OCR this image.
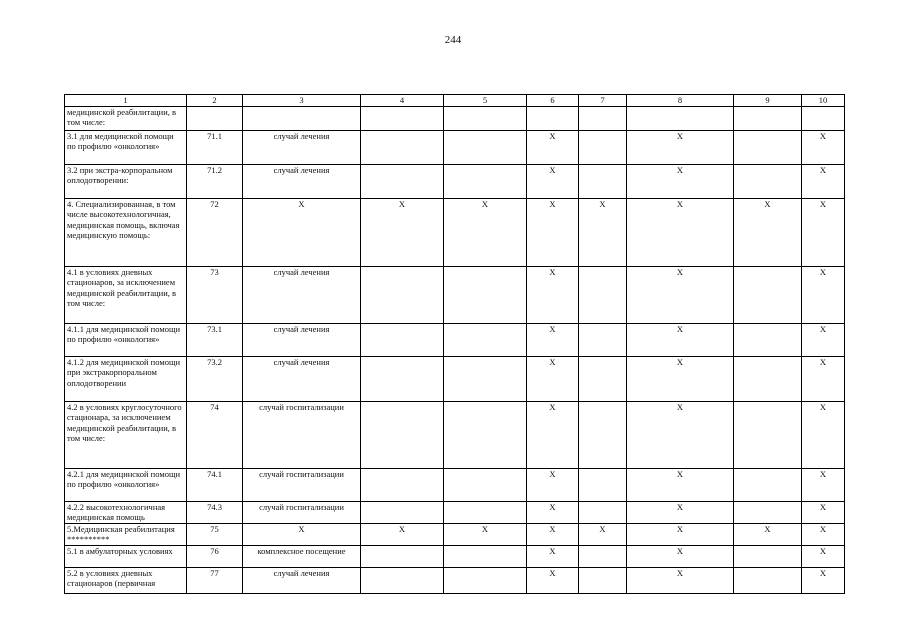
244
1	2	3	4	5	6	7	8	9	10
медицинской реабилитации, в том числе:									
3.1 для медицинской помощи по профилю «онкология»	71.1	случай лечения			X		X		X
3.2 при экстра-корпоральном оплодотворении:	71.2	случай лечения			X		X		X
4. Специализированная, в том числе высокотехнологичная, медицинская помощь, включая медицинскую помощь:	72	X	X	X	X	X	X	X	X
4.1 в условиях дневных стационаров, за исключением медицинской реабилитации, в том числе:	73	случай лечения			X		X		X
4.1.1 для медицинской помощи по профилю «онкология»	73.1	случай лечения			X		X		X
4.1.2 для медицинской помощи при экстракорпоральном оплодотворении	73.2	случай лечения			X		X		X
4.2 в условиях круглосуточного стационара, за исключением медицинской реабилитации, в том числе:	74	случай госпитализации			X		X		X
4.2.1 для медицинской помощи по профилю «онкология»	74.1	случай госпитализации			X		X		X
4.2.2 высокотехнологичная медицинская помощь	74.3	случай госпитализации			X		X		X
5.Медицинская реабилитация **********	75	X	X	X	X	X	X	X	X
5.1 в амбулаторных условиях	76	комплексное посещение			X		X		X
5.2 в условиях дневных стационаров (первичная	77	случай лечения			X		X		X
